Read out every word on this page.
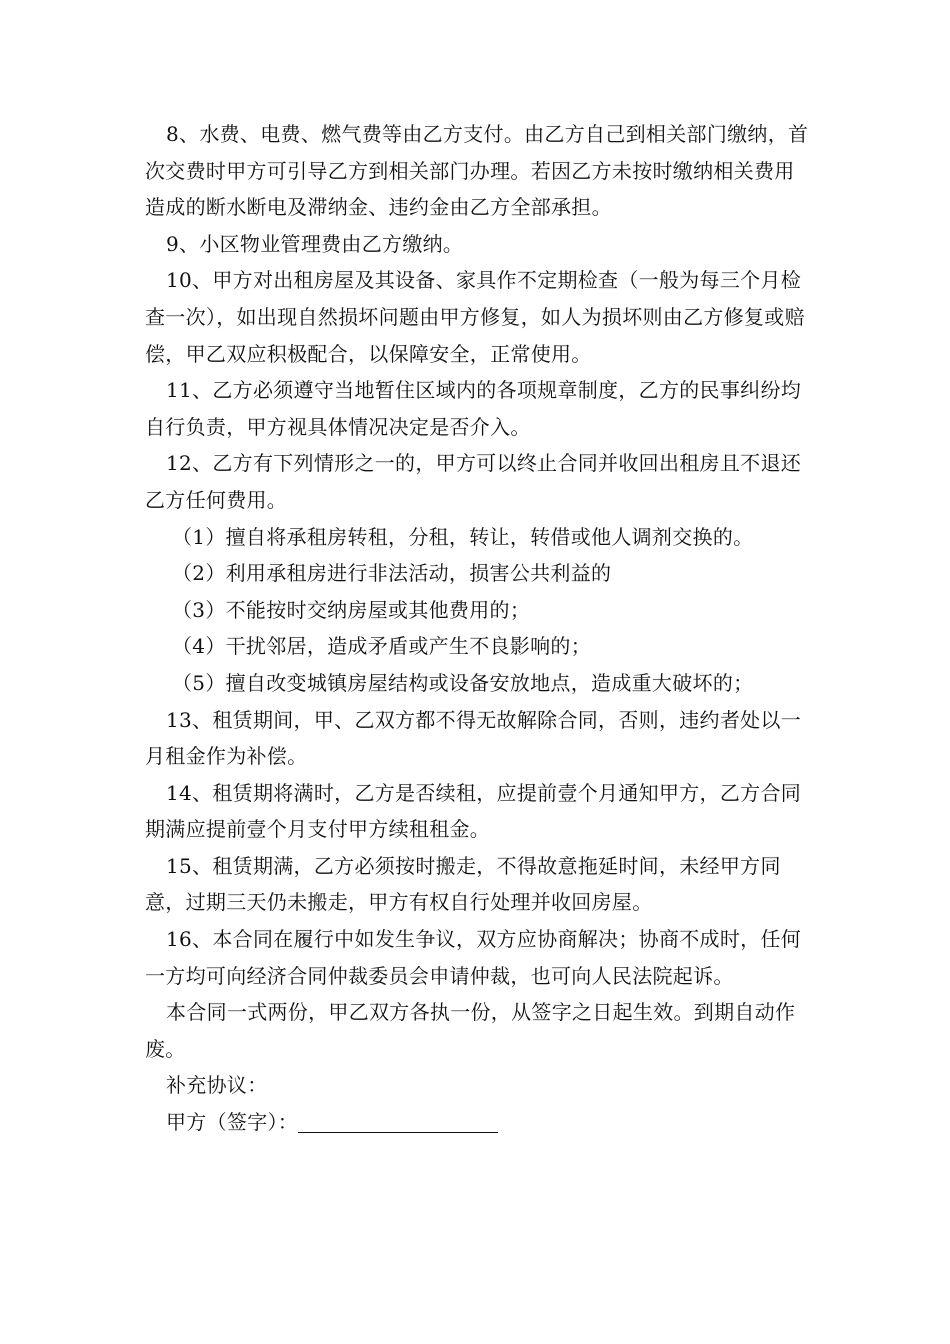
8、水费、电费、燃气费等由乙方支付。由乙方自己到相关部门缴纳，首次交费时甲方可引导乙方到相关部门办理。若因乙方未按时缴纳相关费用造成的断水断电及滞纳金、违约金由乙方全部承担。

9、小区物业管理费由乙方缴纳。

10、甲方对出租房屋及其设备、家具作不定期检查（一般为每三个月检查一次），如出现自然损坏问题由甲方修复，如人为损坏则由乙方修复或赔偿，甲乙双应积极配合，以保障安全，正常使用。

11、乙方必须遵守当地暂住区域内的各项规章制度，乙方的民事纠纷均自行负责，甲方视具体情况决定是否介入。

12、乙方有下列情形之一的，甲方可以终止合同并收回出租房且不退还乙方任何费用。

（1）擅自将承租房转租，分租，转让，转借或他人调剂交换的。

（2）利用承租房进行非法活动，损害公共利益的

（3）不能按时交纳房屋或其他费用的；

（4）干扰邻居，造成矛盾或产生不良影响的；

（5）擅自改变城镇房屋结构或设备安放地点，造成重大破坏的；

13、租赁期间，甲、乙双方都不得无故解除合同，否则，违约者处以一月租金作为补偿。

14、租赁期将满时，乙方是否续租，应提前壹个月通知甲方，乙方合同期满应提前壹个月支付甲方续租租金。

15、租赁期满，乙方必须按时搬走，不得故意拖延时间，未经甲方同意，过期三天仍未搬走，甲方有权自行处理并收回房屋。

16、本合同在履行中如发生争议，双方应协商解决；协商不成时，任何一方均可向经济合同仲裁委员会申请仲裁，也可向人民法院起诉。

本合同一式两份，甲乙双方各执一份，从签字之日起生效。到期自动作废。

补充协议：

甲方（签字）：
